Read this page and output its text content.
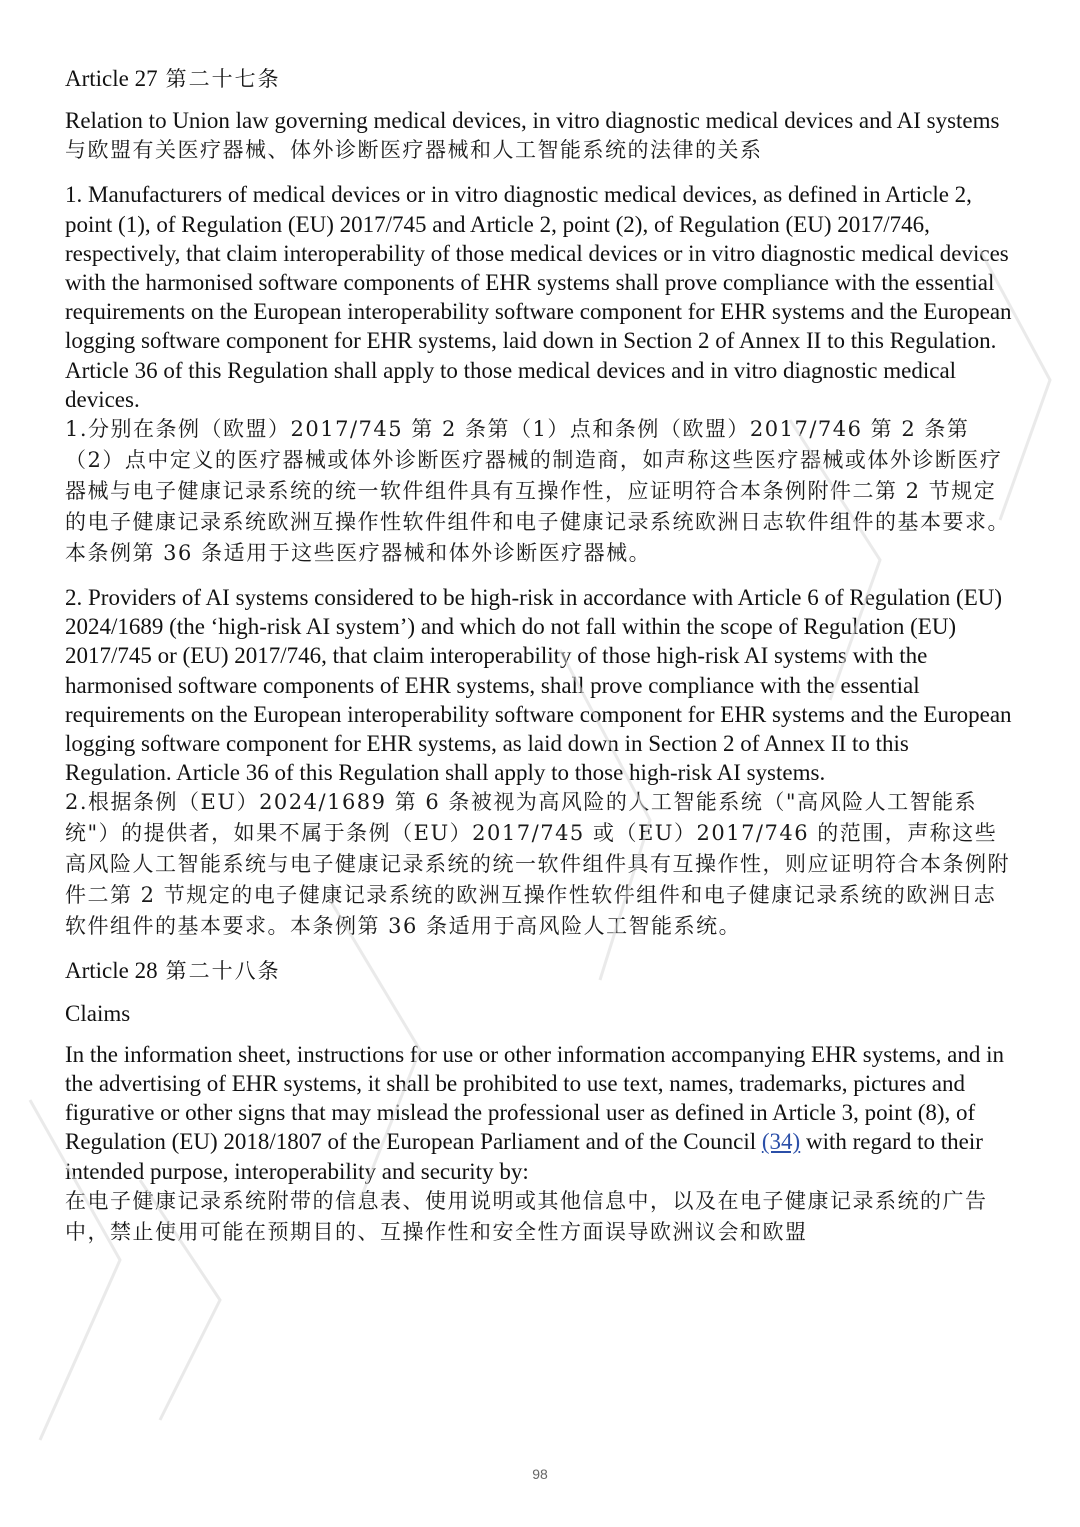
Article 27 第二十七条

Relation to Union law governing medical devices, in vitro diagnostic medical devices and AI systems

与欧盟有关医疗器械、体外诊断医疗器械和人工智能系统的法律的关系

1. Manufacturers of medical devices or in vitro diagnostic medical devices, as defined in Article 2, point (1), of Regulation (EU) 2017/745 and Article 2, point (2), of Regulation (EU) 2017/746, respectively, that claim interoperability of those medical devices or in vitro diagnostic medical devices with the harmonised software components of EHR systems shall prove compliance with the essential requirements on the European interoperability software component for EHR systems and the European logging software component for EHR systems, laid down in Section 2 of Annex II to this Regulation. Article 36 of this Regulation shall apply to those medical devices and in vitro diagnostic medical devices.

1.分别在条例（欧盟）2017/745 第 2 条第（1）点和条例（欧盟）2017/746 第 2 条第（2）点中定义的医疗器械或体外诊断医疗器械的制造商，如声称这些医疗器械或体外诊断医疗器械与电子健康记录系统的统一软件组件具有互操作性，应证明符合本条例附件二第 2 节规定的电子健康记录系统欧洲互操作性软件组件和电子健康记录系统欧洲日志软件组件的基本要求。本条例第 36 条适用于这些医疗器械和体外诊断医疗器械。

2. Providers of AI systems considered to be high-risk in accordance with Article 6 of Regulation (EU) 2024/1689 (the ‘high-risk AI system’) and which do not fall within the scope of Regulation (EU) 2017/745 or (EU) 2017/746, that claim interoperability of those high-risk AI systems with the harmonised software components of EHR systems, shall prove compliance with the essential requirements on the European interoperability software component for EHR systems and the European logging software component for EHR systems, as laid down in Section 2 of Annex II to this Regulation. Article 36 of this Regulation shall apply to those high-risk AI systems.

2.根据条例（EU）2024/1689 第 6 条被视为高风险的人工智能系统（"高风险人工智能系统"）的提供者，如果不属于条例（EU）2017/745 或（EU）2017/746 的范围，声称这些高风险人工智能系统与电子健康记录系统的统一软件组件具有互操作性，则应证明符合本条例附件二第 2 节规定的电子健康记录系统的欧洲互操作性软件组件和电子健康记录系统的欧洲日志软件组件的基本要求。本条例第 36 条适用于高风险人工智能系统。

Article 28 第二十八条

Claims

In the information sheet, instructions for use or other information accompanying EHR systems, and in the advertising of EHR systems, it shall be prohibited to use text, names, trademarks, pictures and figurative or other signs that may mislead the professional user as defined in Article 3, point (8), of Regulation (EU) 2018/1807 of the European Parliament and of the Council (34) with regard to their intended purpose, interoperability and security by:

在电子健康记录系统附带的信息表、使用说明或其他信息中，以及在电子健康记录系统的广告中，禁止使用可能在预期目的、互操作性和安全性方面误导欧洲议会和欧盟

98
